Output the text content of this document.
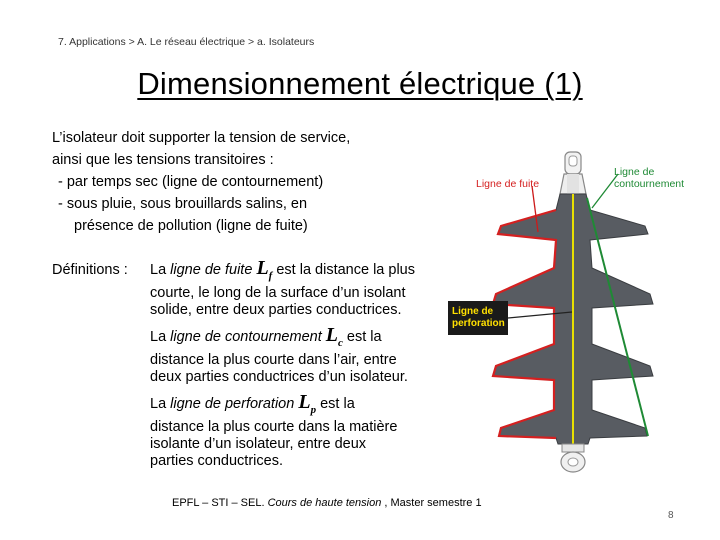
7. Applications > A. Le réseau électrique > a. Isolateurs
Dimensionnement électrique (1)
L’isolateur doit supporter la tension de service,
ainsi que les tensions transitoires :
- par temps sec (ligne de contournement)
- sous pluie, sous brouillards salins, en
présence de pollution (ligne de fuite)
Définitions : La ligne de fuite $L_f$ est la distance la plus
courte, le long de la surface d’un isolant
solide, entre deux parties conductrices.
La ligne de contournement $L_c$ est la
distance la plus courte dans l’air, entre
deux parties conductrices d’un isolateur.
La ligne de perforation $L_p$ est la
distance la plus courte dans la matière
isolante d’un isolateur, entre deux
parties conductrices.
Ligne de fuite
Ligne de
contournement
Ligne de
perforation
EPFL – STI – SEL. Cours de haute tension , Master semestre 1
8
